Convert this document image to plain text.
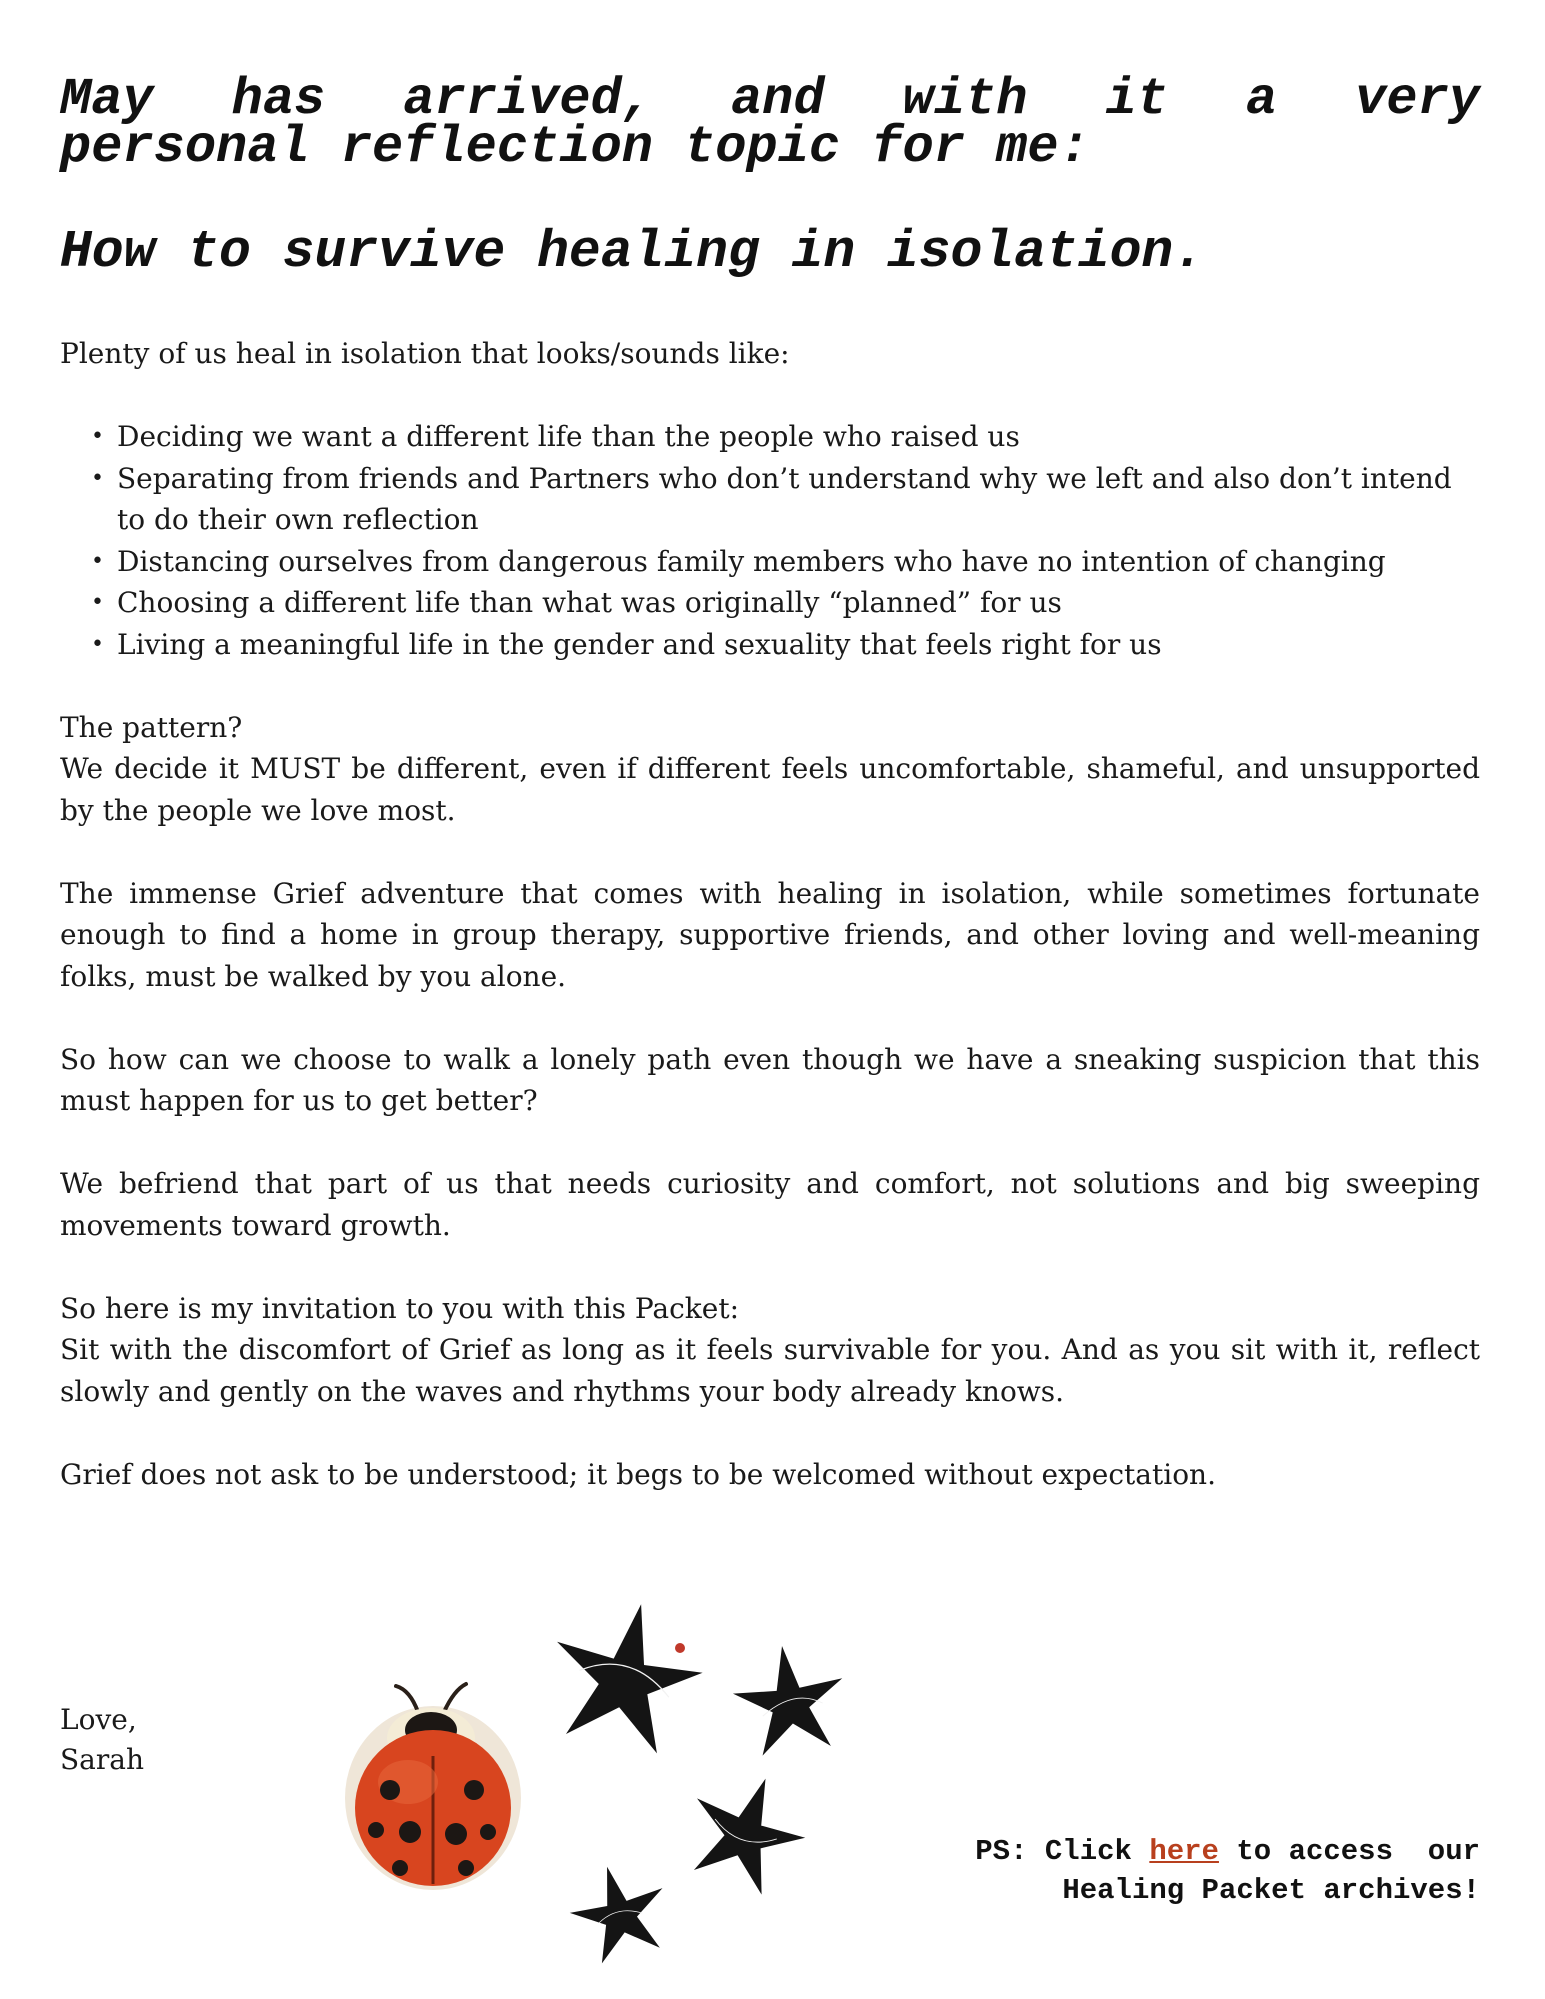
May has arrived, and with it a very
personal reflection topic for me:
How to survive healing in isolation.

Plenty of us heal in isolation that looks/sounds like:

• Deciding we want a different life than the people who raised us
• Separating from friends and Partners who don’t understand why we left and also don’t intend to do their own reflection
• Distancing ourselves from dangerous family members who have no intention of changing
• Choosing a different life than what was originally “planned” for us
• Living a meaningful life in the gender and sexuality that feels right for us

The pattern?

We decide it MUST be different, even if different feels uncomfortable, shameful, and unsupported by the people we love most.

The immense Grief adventure that comes with healing in isolation, while sometimes fortunate enough to find a home in group therapy, supportive friends, and other loving and well-meaning folks, must be walked by you alone.

So how can we choose to walk a lonely path even though we have a sneaking suspicion that this must happen for us to get better?

We befriend that part of us that needs curiosity and comfort, not solutions and big sweeping movements toward growth.

So here is my invitation to you with this Packet:

Sit with the discomfort of Grief as long as it feels survivable for you. And as you sit with it, reflect slowly and gently on the waves and rhythms your body already knows.

Grief does not ask to be understood; it begs to be welcomed without expectation.

Love,
Sarah
PS: Click here to access  our
Healing Packet archives!
